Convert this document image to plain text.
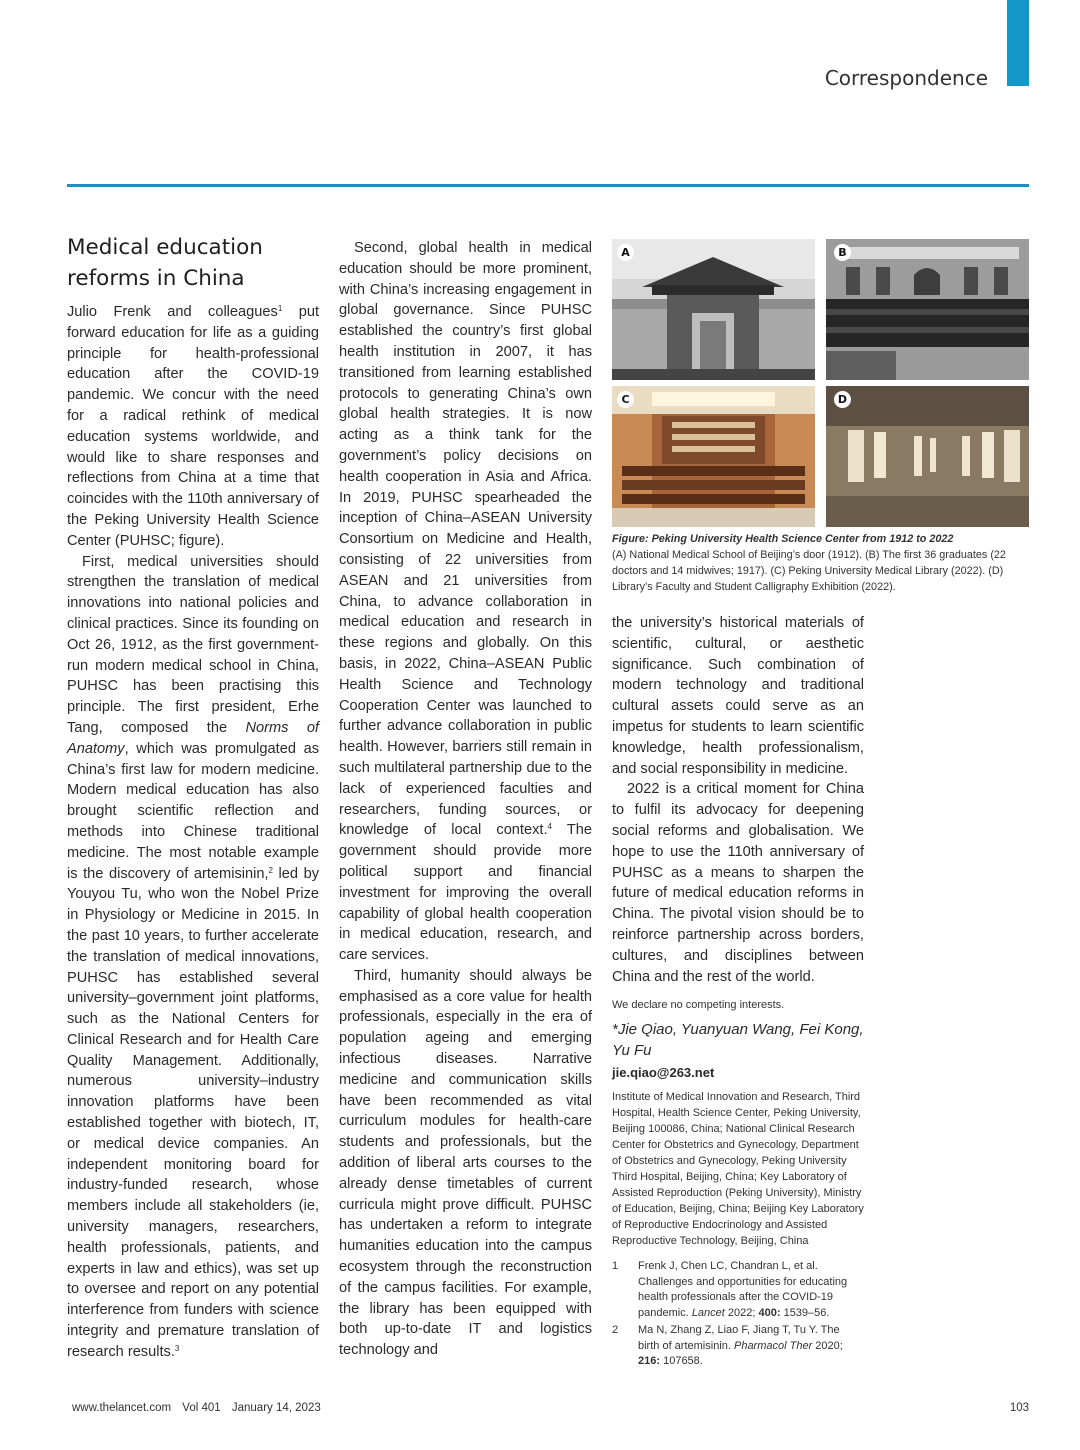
Correspondence
Medical education
reforms in China

Julio Frenk and colleagues$^1$ put forward education for life as a guiding principle for health-professional education after the COVID-19 pandemic. We concur with the need for a radical rethink of medical education systems worldwide, and would like to share responses and reflections from China at a time that coincides with the 110th anniversary of the Peking University Health Science Center (PUHSC; figure).

First, medical universities should strengthen the translation of medical innovations into national policies and clinical practices. Since its founding on Oct 26, 1912, as the first government-run modern medical school in China, PUHSC has been practising this principle. The first president, Erhe Tang, composed the Norms of Anatomy, which was promulgated as China’s first law for modern medicine. Modern medical education has also brought scientific reflection and methods into Chinese traditional medicine. The most notable example is the discovery of artemisinin,$^2$ led by Youyou Tu, who won the Nobel Prize in Physiology or Medicine in 2015. In the past 10 years, to further accelerate the translation of medical innovations, PUHSC has established several university–government joint platforms, such as the National Centers for Clinical Research and for Health Care Quality Management. Additionally, numerous university–industry innovation platforms have been established together with biotech, IT, or medical device companies. An independent monitoring board for industry-funded research, whose members include all stakeholders (ie, university managers, researchers, health professionals, patients, and experts in law and ethics), was set up to oversee and report on any potential interference from funders with science integrity and premature translation of research results.$^3$

Second, global health in medical education should be more prominent, with China’s increasing engagement in global governance. Since PUHSC established the country’s first global health institution in 2007, it has transitioned from learning established protocols to generating China’s own global health strategies. It is now acting as a think tank for the government’s policy decisions on health cooperation in Asia and Africa. In 2019, PUHSC spearheaded the inception of China–ASEAN University Consortium on Medicine and Health, consisting of 22 universities from ASEAN and 21 universities from China, to advance collaboration in medical education and research in these regions and globally. On this basis, in 2022, China–ASEAN Public Health Science and Technology Cooperation Center was launched to further advance collaboration in public health. However, barriers still remain in such multilateral partnership due to the lack of experienced faculties and researchers, funding sources, or knowledge of local context.$^4$ The government should provide more political support and financial investment for improving the overall capability of global health cooperation in medical education, research, and care services.

Third, humanity should always be emphasised as a core value for health professionals, especially in the era of population ageing and emerging infectious diseases. Narrative medicine and communication skills have been recommended as vital curriculum modules for health-care students and professionals, but the addition of liberal arts courses to the already dense timetables of current curricula might prove difficult. PUHSC has undertaken a reform to integrate humanities education into the campus ecosystem through the reconstruction of the campus facilities. For example, the library has been equipped with both up-to-date IT and logistics technology and

A	B
C	D
Figure: Peking University Health Science Center from 1912 to 2022
(A) National Medical School of Beijing’s door (1912). (B) The first 36 graduates (22 doctors and 14 midwives; 1917). (C) Peking University Medical Library (2022). (D) Library’s Faculty and Student Calligraphy Exhibition (2022).

the university’s historical materials of scientific, cultural, or aesthetic significance. Such combination of modern technology and traditional cultural assets could serve as an impetus for students to learn scientific knowledge, health professionalism, and social responsibility in medicine.

2022 is a critical moment for China to fulfil its advocacy for deepening social reforms and globalisation. We hope to use the 110th anniversary of PUHSC as a means to sharpen the future of medical education reforms in China. The pivotal vision should be to reinforce partnership across borders, cultures, and disciplines between China and the rest of the world.

We declare no competing interests.
*Jie Qiao, Yuanyuan Wang, Fei Kong, Yu Fu
jie.qiao@263.net
Institute of Medical Innovation and Research, Third Hospital, Health Science Center, Peking University, Beijing 100086, China; National Clinical Research Center for Obstetrics and Gynecology, Department of Obstetrics and Gynecology, Peking University Third Hospital, Beijing, China; Key Laboratory of Assisted Reproduction (Peking University), Ministry of Education, Beijing, China; Beijing Key Laboratory of Reproductive Endocrinology and Assisted Reproductive Technology, Beijing, China
1	Frenk J, Chen LC, Chandran L, et al. Challenges and opportunities for educating health professionals after the COVID-19 pandemic. Lancet 2022; 400: 1539–56.
2	Ma N, Zhang Z, Liao F, Jiang T, Tu Y. The birth of artemisinin. Pharmacol Ther 2020; 216: 107658.
www.thelancet.com Vol 401 January 14, 2023	103
